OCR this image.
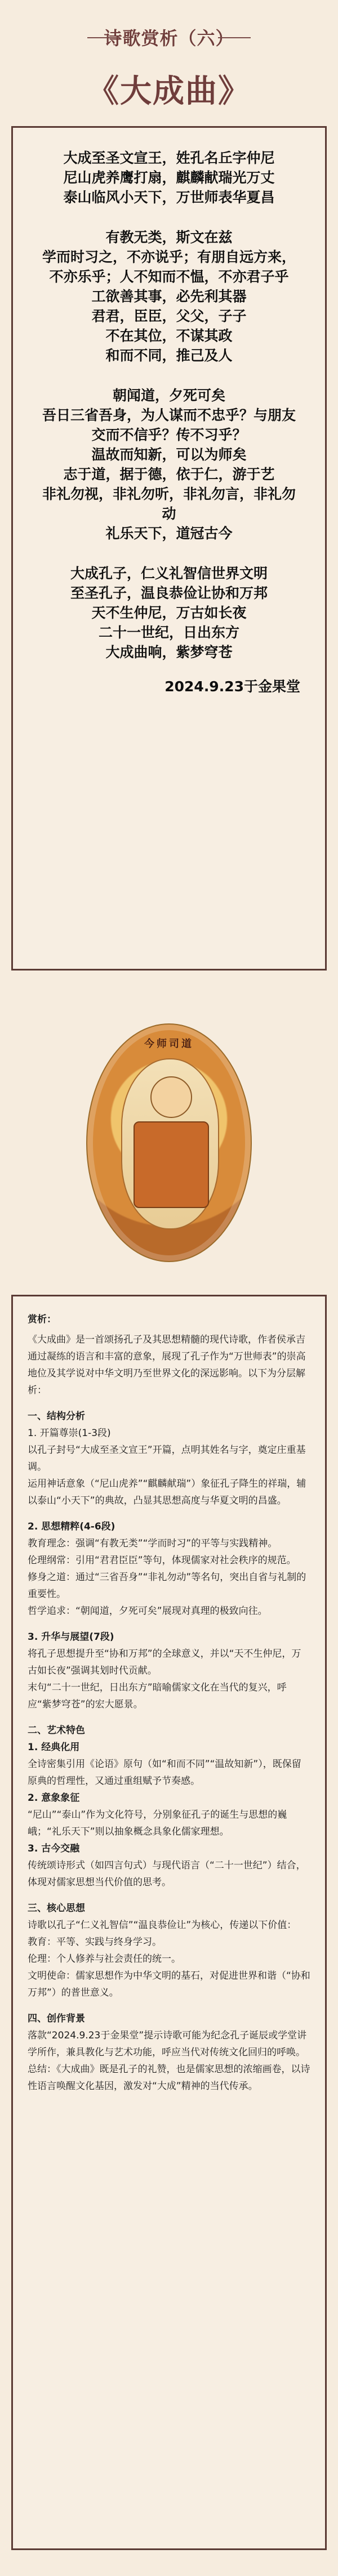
诗歌赏析（六）
《大成曲》
大成至圣文宣王，姓孔名丘字仲尼
尼山虎养鹰打扇，麒麟献瑞光万丈
泰山临风小天下，万世师表华夏昌
有教无类，斯文在兹
学而时习之，不亦说乎；有朋自远方来，不亦乐乎；人不知而不愠，不亦君子乎
工欲善其事，必先利其器
君君，臣臣，父父，子子
不在其位，不谋其政
和而不同，推己及人
朝闻道，夕死可矣
吾日三省吾身，为人谋而不忠乎？与朋友交而不信乎？传不习乎？
温故而知新，可以为师矣
志于道，据于德，依于仁，游于艺
非礼勿视，非礼勿听，非礼勿言，非礼勿动
礼乐天下，道冠古今
大成孔子，仁义礼智信世界文明
至圣孔子，温良恭俭让协和万邦
天不生仲尼，万古如长夜
二十一世纪，日出东方
大成曲响，紫梦穹苍
2024.9.23于金果堂
今师司道
赏析：

《大成曲》是一首颂扬孔子及其思想精髓的现代诗歌，作者侯承吉通过凝练的语言和丰富的意象，展现了孔子作为“万世师表”的崇高地位及其学说对中华文明乃至世界文化的深远影响。以下为分层解析：

一、结构分析
1. 开篇尊崇(1-3段)
以孔子封号“大成至圣文宣王”开篇，点明其姓名与字，奠定庄重基调。
运用神话意象（“尼山虎养”“麒麟献瑞”）象征孔子降生的祥瑞，辅以泰山“小天下”的典故，凸显其思想高度与华夏文明的昌盛。
2. 思想精粹(4-6段)
教育理念：强调“有教无类”“学而时习”的平等与实践精神。
伦理纲常：引用“君君臣臣”等句，体现儒家对社会秩序的规范。
修身之道：通过“三省吾身”“非礼勿动”等名句，突出自省与礼制的重要性。
哲学追求：“朝闻道，夕死可矣”展现对真理的极致向往。
3. 升华与展望(7段)
将孔子思想提升至“协和万邦”的全球意义，并以“天不生仲尼，万古如长夜”强调其划时代贡献。
末句“二十一世纪，日出东方”暗喻儒家文化在当代的复兴，呼应“紫梦穹苍”的宏大愿景。
二、艺术特色
1. 经典化用
全诗密集引用《论语》原句（如“和而不同”“温故知新”），既保留原典的哲理性，又通过重组赋予节奏感。
2. 意象象征
“尼山”“泰山”作为文化符号，分别象征孔子的诞生与思想的巍峨；“礼乐天下”则以抽象概念具象化儒家理想。
3. 古今交融
传统颂诗形式（如四言句式）与现代语言（“二十一世纪”）结合，体现对儒家思想当代价值的思考。
三、核心思想
诗歌以孔子“仁义礼智信”“温良恭俭让”为核心，传递以下价值：
教育：平等、实践与终身学习。
伦理：个人修养与社会责任的统一。
文明使命：儒家思想作为中华文明的基石，对促进世界和谐（“协和万邦”）的普世意义。
四、创作背景
落款“2024.9.23于金果堂”提示诗歌可能为纪念孔子诞辰或学堂讲学所作，兼具教化与艺术功能，呼应当代对传统文化回归的呼唤。
总结：《大成曲》既是孔子的礼赞，也是儒家思想的浓缩画卷，以诗性语言唤醒文化基因，激发对“大成”精神的当代传承。
